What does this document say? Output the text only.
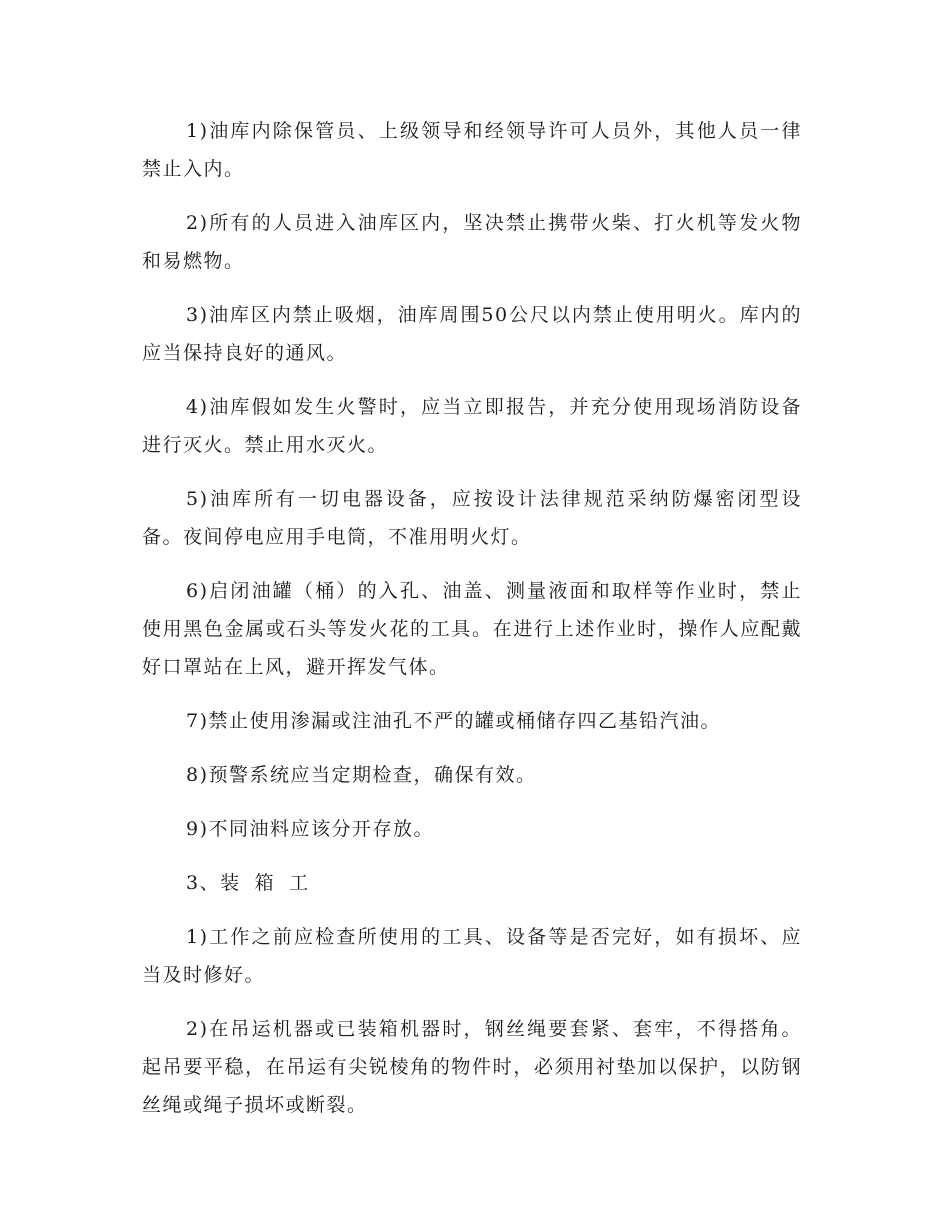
1)油库内除保管员、上级领导和经领导许可人员外，其他人员一律禁止入内。

2)所有的人员进入油库区内，坚决禁止携带火柴、打火机等发火物和易燃物。

3)油库区内禁止吸烟，油库周围50公尺以内禁止使用明火。库内的应当保持良好的通风。

4)油库假如发生火警时，应当立即报告，并充分使用现场消防设备进行灭火。禁止用水灭火。

5)油库所有一切电器设备，应按设计法律规范采纳防爆密闭型设备。夜间停电应用手电筒，不准用明火灯。

6)启闭油罐（桶）的入孔、油盖、测量液面和取样等作业时，禁止使用黑色金属或石头等发火花的工具。在进行上述作业时，操作人应配戴好口罩站在上风，避开挥发气体。

7)禁止使用渗漏或注油孔不严的罐或桶储存四乙基铅汽油。

8)预警系统应当定期检查，确保有效。

9)不同油料应该分开存放。

3、装 箱 工

1)工作之前应检查所使用的工具、设备等是否完好，如有损坏、应当及时修好。

2)在吊运机器或已装箱机器时，钢丝绳要套紧、套牢，不得搭角。起吊要平稳，在吊运有尖锐棱角的物件时，必须用衬垫加以保护，以防钢丝绳或绳子损坏或断裂。
